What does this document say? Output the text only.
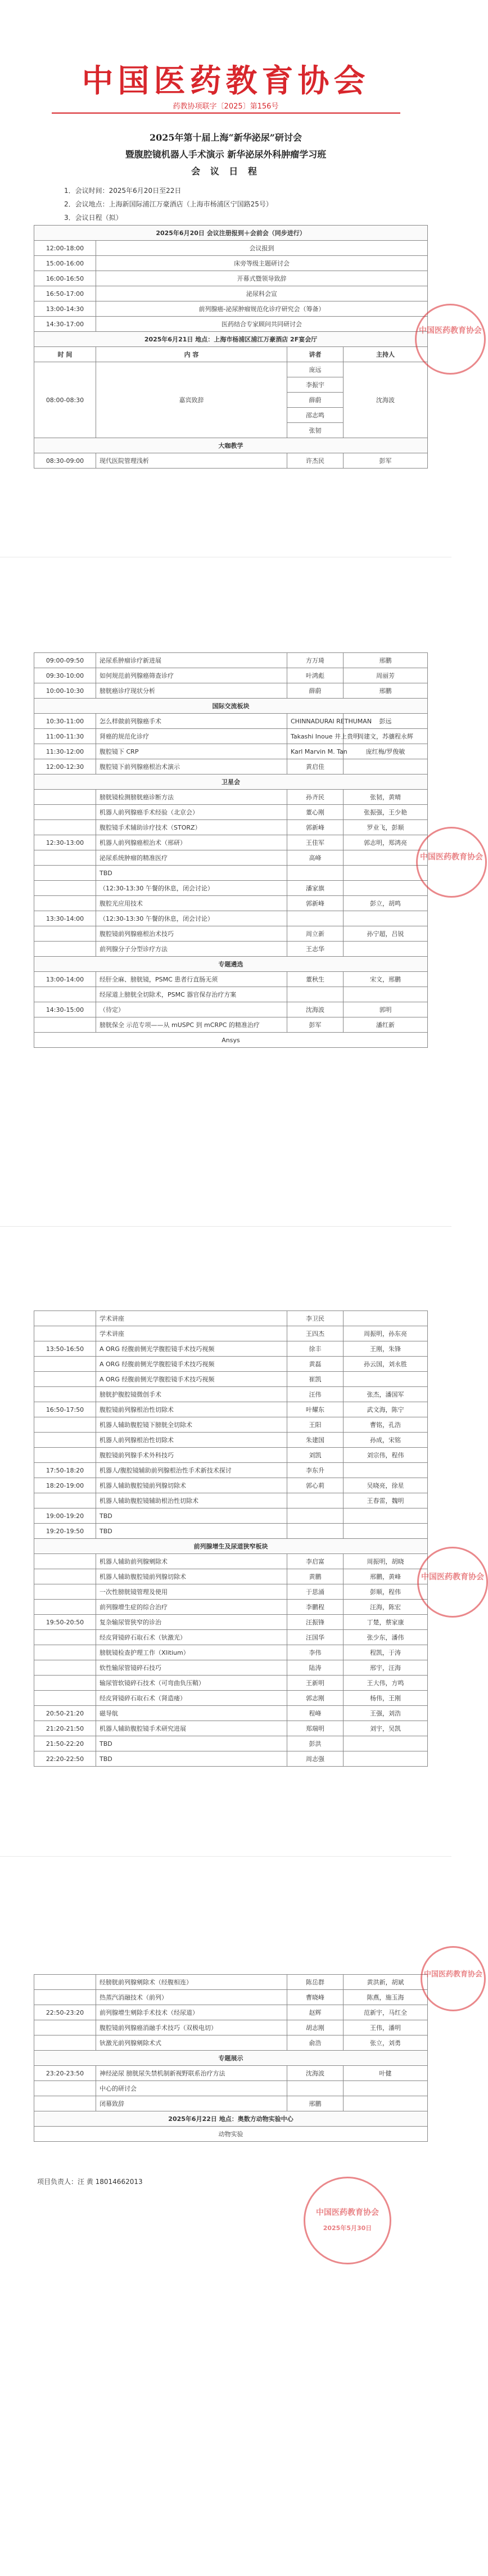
中国医药教育协会
药教协项联字〔2025〕第156号
2025年第十届上海“新华泌尿”研讨会
暨腹腔镜机器人手术演示 新华泌尿外科肿瘤学习班
会 议 日 程
1．会议时间：2025年6月20日至22日
2．会议地点：上海新国际浦江万豪酒店（上海市杨浦区宁国路25号）
3．会议日程（拟）
2025年6月20日 会议注册报到＋会前会（同步进行）			
12:00-18:00	会议报到		
15:00-16:00	床旁等级主题研讨会		
16:00-16:50	开幕式暨领导致辞		
16:50-17:00	泌尿科会宣		
13:00-14:30	前列腺癌-泌尿肿瘤规范化诊疗研究会（筹备）		
14:30-17:00	医药结合专家顾问共同研讨会		
2025年6月21日 地点：上海市杨浦区浦江万豪酒店 2F宴会厅			
时 间	内 容	讲者	主持人
08:00-08:30	嘉宾致辞	庞远	沈海波
		李振宇	
		薛蔚	
		邵志鸣	
		张韧	
大咖教学			
08:30-09:00	现代医院管理浅析	许杰民	彭军
中国医药教育协会
09:00-09:50	泌尿系肿瘤诊疗新进展	方万琦	邢鹏
09:30-10:00	如何规范前列腺癌筛查诊疗	叶鸿彪	周丽芳
10:00-10:30	膀胱癌诊疗现状分析	薛蔚	邢鹏
国际交流板块			
10:30-11:00	怎么样做前列腺癌手术	CHINNADURAI RETHUMAN	彭远
11:00-11:30	肾癌的规范化诊疗	Takashi Inoue 井上贵明	周建文，苏骧程永辉
11:30-12:00	腹腔镜下 CRP	Karl Marvin M. Tan	庞红梅/罗俊敏
12:00-12:30	腹腔镜下前列腺癌根治术演示	黄启佳	
卫星会			
	膀胱镜检测膀胱癌诊断方法	孙齐民	张韧，黄晴
	机器人前列腺癌手术经验（北京会）	董心刚	张振强，王少艳
	腹腔镜手术辅助诊疗技术（STORZ）	郭新峰	罗业飞，彭顺
12:30-13:00	机器人前列腺癌根治术（邢研）	王佳军	郭志明，郑鸿亮
	泌尿系统肿瘤的精准医疗	高峰	
	TBD		
	（12:30-13:30 午餐的休息，闭会讨论）	潘家旗	
	腹腔光应用技术	郭新峰	彭立，胡鸣
13:30-14:00	（12:30-13:30 午餐的休息，闭会讨论）		
	腹腔镜前列腺癌根治术技巧	周立新	孙宁超，吕锐
	前列腺分子分型诊疗方法	王志华	
专题遴选			
13:00-14:00	经肝全麻、膀胱镜，PSMC 患者行直肠无须	董秋生	宋文，邢鹏
	经尿道上膀胱全切除术，PSMC 器官保存治疗方案		
14:30-15:00	（待定）	沈海波	郭明
	膀胱保全 示范专项——从 mUSPC 到 mCRPC 的精准治疗	彭军	潘红新
Ansys			
中国医药教育协会
	学术讲座	李卫民	
	学术讲座	王四杰	周振明，孙东亮
13:50-16:50	A ORG 经腹前侧光学腹腔镜手术技巧视频	徐丰	王刚，朱锋
	A ORG 经腹前侧光学腹腔镜手术技巧视频	黄磊	孙云国，刘永胜
	A ORG 经腹前侧光学腹腔镜手术技巧视频	崔凯	
	膀胱护腹腔镜微创手术	汪伟	张杰，潘国军
16:50-17:50	腹腔镜前列腺根治性切除术	叶耀东	武文海，陈宁
	机器人辅助腹腔镜下膀胱全切除术	王阳	曹铭，孔浩
	机器人前列腺根治性切除术	朱建国	孙成，宋铭
	腹腔镜前列腺手术外科技巧	刘凯	刘宗伟，程伟
17:50-18:20	机器人/腹腔镜辅助前列腺根治性手术新技术探讨	李东升	
18:20-19:00	机器人辅助腹腔镜前列腺切除术	郭心莉	吴晓亮，徐星
	机器人辅助腹腔镜辅助根治性切除术		王春雷，魏明
19:00-19:20	TBD		
19:20-19:50	TBD		
前列腺增生及尿道狭窄板块			
	机器人辅助前列腺剜除术	李启富	周振明，胡晓
	机器人辅助腹腔镜前列腺切除术	黄鹏	邢鹏，黄峰
	一次性膀胱镜管理及使用	于思涌	彭顺，程伟
	前列腺增生症的综合治疗	李鹏程	汪海，陈宏
19:50-20:50	复杂输尿管狭窄的诊治	汪振锋	丁楚，蔡家康
	经皮肾镜碎石取石术（钬激光）	汪国华	张少东，潘伟
	膀胱镜检查护理工作（Xlitium）	李伟	程凯，于涛
	软性输尿管镜碎石技巧	陆涛	邢宇，汪海
	输尿管软镜碎石技术（可弯曲负压鞘）	王新明	王大伟，方鸣
	经皮肾镜碎石取石术（肾造瘘）	郭志刚	杨伟，王刚
20:50-21:20	磁导航	程峰	王强，刘浩
21:20-21:50	机器人辅助腹腔镜手术研究进展	郑瑞明	刘宇，吴凯
21:50-22:20	TBD	彭洪	
22:20-22:50	TBD	周志强	
中国医药教育协会
	经膀胱前列腺剜除术（经腹相连）	陈岳群	黄洪新，胡斌
	热蒸汽消融技术（前列）	曹晓峰	陈燕，施玉海
22:50-23:20	前列腺增生剜除手术技术（经尿道）	赵辉	范新宇，马红全
	腹腔镜前列腺癌消融手术技巧（双极电切）	胡志刚	王伟，潘明
	钬激光前列腺剜除术式	俞浩	张立，刘勇
专题展示			
23:20-23:50	神经泌尿 膀胱尿失禁机制新视野联系治疗方法	沈海波	叶健
	中心的研讨会		
	闭幕致辞	邢鹏	
2025年6月22日 地点：奥数方动物实验中心			
动物实验			
项目负责人：汪 黄 18014662013
中国医药教育协会
2025年5月30日
中国医药教育协会
